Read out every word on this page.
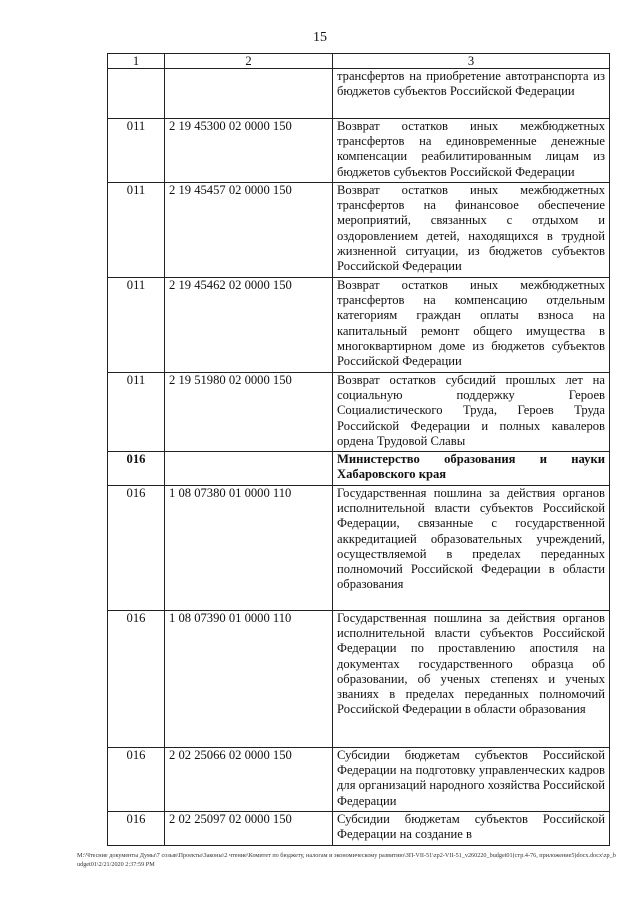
15
1	2	3
		трансфертов на приобретение автотранспорта из бюджетов субъектов Российской Федерации
011	2 19 45300 02 0000 150	Возврат остатков иных межбюджетных трансфертов на единовременные денежные компенсации реабилитированным лицам из бюджетов субъектов Российской Федерации
011	2 19 45457 02 0000 150	Возврат остатков иных межбюджетных трансфертов на финансовое обеспечение мероприятий, связанных с отдыхом и оздоровлением детей, находящихся в трудной жизненной ситуации, из бюджетов субъектов Российской Федерации
011	2 19 45462 02 0000 150	Возврат остатков иных межбюджетных трансфертов на компенсацию отдельным категориям граждан оплаты взноса на капитальный ремонт общего имущества в многоквартирном доме из бюджетов субъектов Российской Федерации
011	2 19 51980 02 0000 150	Возврат остатков субсидий прошлых лет на социальную поддержку Героев Социалистического Труда, Героев Труда Российской Федерации и полных кавалеров ордена Трудовой Славы
016		Министерство образования и науки Хабаровского края
016	1 08 07380 01 0000 110	Государственная пошлина за действия органов исполнительной власти субъектов Российской Федерации, связанные с государственной аккредитацией образовательных учреждений, осуществляемой в пределах переданных полномочий Российской Федерации в области образования
016	1 08 07390 01 0000 110	Государственная пошлина за действия органов исполнительной власти субъектов Российской Федерации по проставлению апостиля на документах государственного образца об образовании, об ученых степенях и ученых званиях в пределах переданных полномочий Российской Федерации в области образования
016	2 02 25066 02 0000 150	Субсидии бюджетам субъектов Российской Федерации на подготовку управленческих кадров для организаций народного хозяйства Российской Федерации
016	2 02 25097 02 0000 150	Субсидии бюджетам субъектов Российской Федерации на создание в
М:\Чтесние документы Думы\7 созыв\Проекты\Законы\2 чтение\Комитет по бюджету, налогам и экономическому развитию\ЗП-VII-51\zp2-VII-51_v260220_budget01(стр.4-76, приложение5)docx.docx\zp_budget01\2/21/2020 2:37:59 PM
